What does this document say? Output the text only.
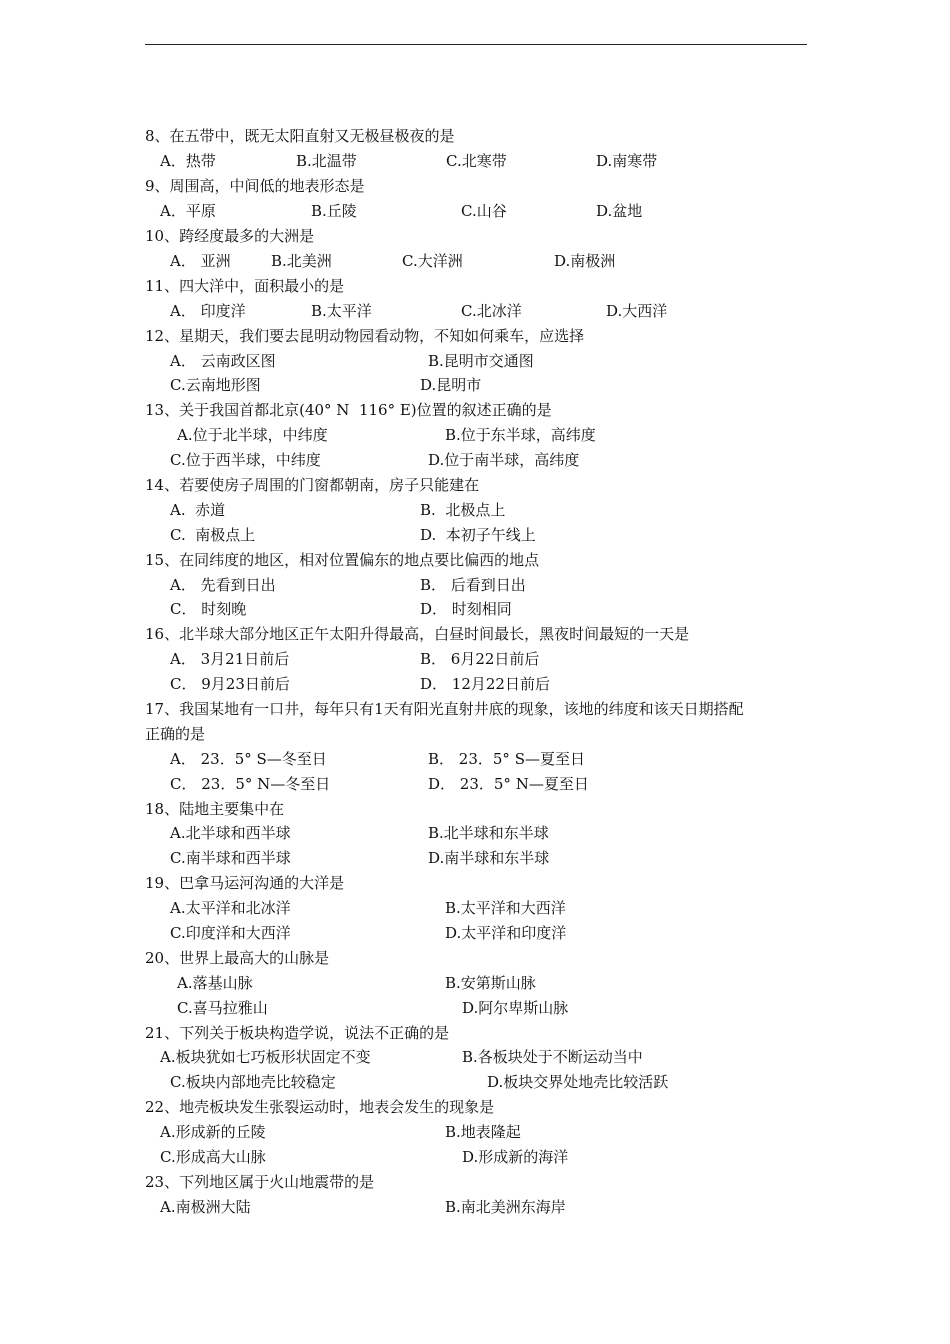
8、在五带中，既无太阳直射又无极昼极夜的是
A．热带	B.北温带	C.北寒带	D.南寒带
9、周围高，中间低的地表形态是
A．平原	B.丘陵	C.山谷	D.盆地
10、跨经度最多的大洲是
A． 亚洲	B.北美洲	C.大洋洲	D.南极洲
11、四大洋中，面积最小的是
A． 印度洋	B.太平洋	C.北冰洋	D.大西洋
12、星期天，我们要去昆明动物园看动物，不知如何乘车，应选择
A． 云南政区图	B.昆明市交通图
C.云南地形图	D.昆明市
13、关于我国首都北京(40° N  116° E)位置的叙述正确的是
A.位于北半球，中纬度	B.位于东半球，高纬度
C.位于西半球，中纬度	D.位于南半球，高纬度
14、若要使房子周围的门窗都朝南，房子只能建在
A.  赤道	B.  北极点上
C.  南极点上	D.  本初子午线上
15、在同纬度的地区，相对位置偏东的地点要比偏西的地点
A． 先看到日出	B． 后看到日出
C． 时刻晚	D． 时刻相同
16、北半球大部分地区正午太阳升得最高，白昼时间最长，黑夜时间最短的一天是
A． 3月21日前后	B． 6月22日前后
C． 9月23日前后	D． 12月22日前后
17、我国某地有一口井，每年只有1天有阳光直射井底的现象，该地的纬度和该天日期搭配
正确的是
A． 23．5° S—冬至日	B． 23．5° S—夏至日
C． 23．5° N—冬至日	D． 23．5° N—夏至日
18、陆地主要集中在
A.北半球和西半球	B.北半球和东半球
C.南半球和西半球	D.南半球和东半球
19、巴拿马运河沟通的大洋是
A.太平洋和北冰洋	B.太平洋和大西洋
C.印度洋和大西洋	D.太平洋和印度洋
20、世界上最高大的山脉是
A.落基山脉	B.安第斯山脉
C.喜马拉雅山	D.阿尔卑斯山脉
21、下列关于板块构造学说，说法不正确的是
A.板块犹如七巧板形状固定不变	B.各板块处于不断运动当中
C.板块内部地壳比较稳定	D.板块交界处地壳比较活跃
22、地壳板块发生张裂运动时，地表会发生的现象是
A.形成新的丘陵	B.地表隆起
C.形成高大山脉	D.形成新的海洋
23、下列地区属于火山地震带的是
A.南极洲大陆	B.南北美洲东海岸
